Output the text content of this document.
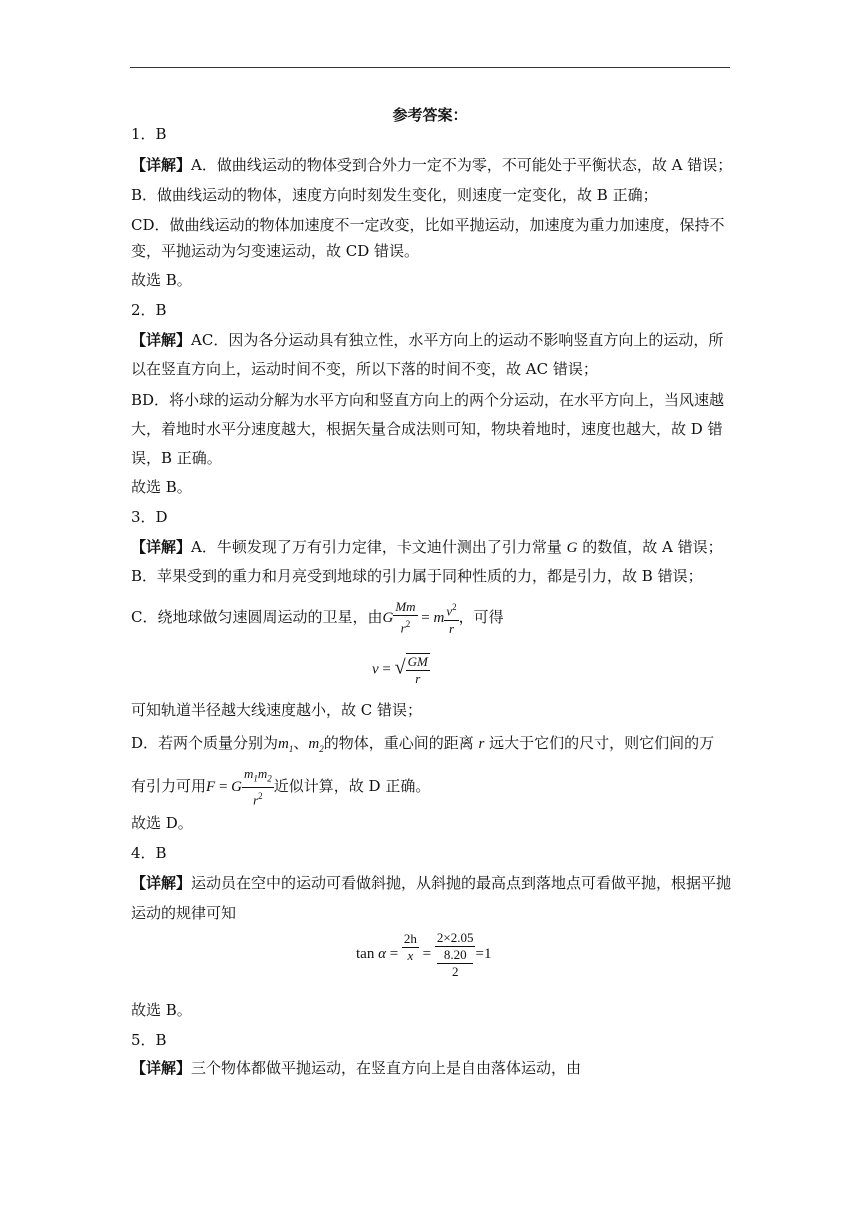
参考答案：
1．B
【详解】A．做曲线运动的物体受到合外力一定不为零，不可能处于平衡状态，故 A 错误；
B．做曲线运动的物体，速度方向时刻发生变化，则速度一定变化，故 B 正确；
CD．做曲线运动的物体加速度不一定改变，比如平抛运动，加速度为重力加速度，保持不
变，平抛运动为匀变速运动，故 CD 错误。
故选 B。
2．B
【详解】AC．因为各分运动具有独立性，水平方向上的运动不影响竖直方向上的运动，所
以在竖直方向上，运动时间不变，所以下落的时间不变，故 AC 错误；
BD．将小球的运动分解为水平方向和竖直方向上的两个分运动，在水平方向上，当风速越
大，着地时水平分速度越大，根据矢量合成法则可知，物块着地时，速度也越大，故 D 错
误，B 正确。
故选 B。
3．D
【详解】A．牛顿发现了万有引力定律，卡文迪什测出了引力常量 G 的数值，故 A 错误；
B．苹果受到的重力和月亮受到地球的引力属于同种性质的力，都是引力，故 B 错误；
C．绕地球做匀速圆周运动的卫星，由G $\frac{Mm}{r^2} = m \frac{v^2}{r}$ ，可得
v = √ $\frac{GM}{r}$
可知轨道半径越大线速度越小，故 C 错误；
D．若两个质量分别为$m_1$、$m_2$的物体，重心间的距离 r 远大于它们的尺寸，则它们间的万
有引力可用F = G $\frac{m_1m_2}{r^2}$ 近似计算，故 D 正确。
故选 D。
4．B
【详解】运动员在空中的运动可看做斜抛，从斜抛的最高点到落地点可看做平抛，根据平抛
运动的规律可知
$\tan \alpha = \frac{2h}{x} = 2\times 2.05$
8.20
2 =1
故选 B。
5．B
【详解】三个物体都做平抛运动，在竖直方向上是自由落体运动，由
